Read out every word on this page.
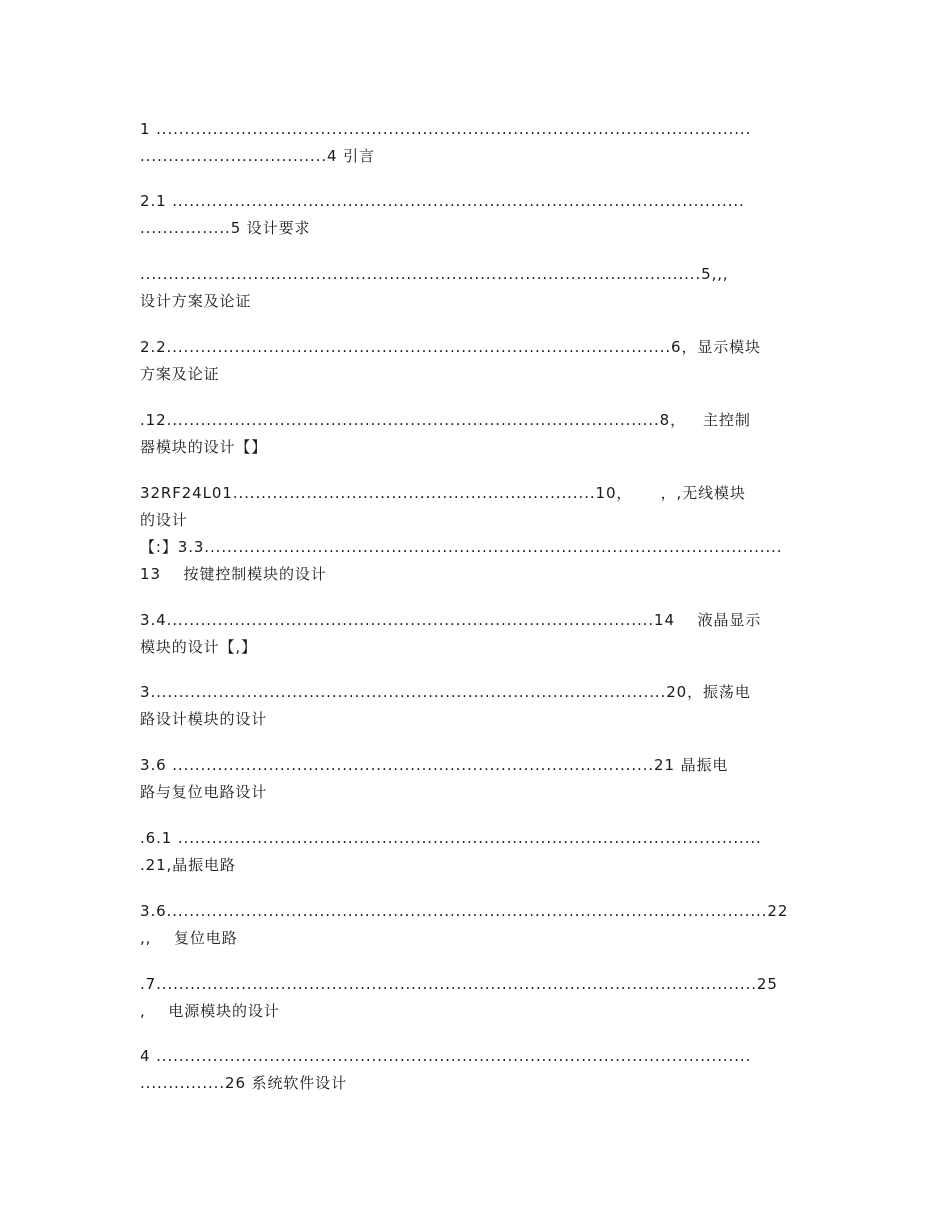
1 .........................................................................................................
.................................4 引言
2.1 .....................................................................................................
................5 设计要求
...................................................................................................5,,,
设计方案及论证
2.2.........................................................................................6，显示模块
方案及论证
.12.......................................................................................8，   主控制
器模块的设计【】
32RF24L01................................................................10，     ，,无线模块
的设计
【:】3.3......................................................................................................
13    按键控制模块的设计
3.4......................................................................................14    液晶显示
模块的设计【,】
3...........................................................................................20，振荡电
路设计模块的设计
3.6 .....................................................................................21 晶振电
路与复位电路设计
.6.1 .......................................................................................................
.21,晶振电路
3.6..........................................................................................................22
,,    复位电路
.7..........................................................................................................25
,    电源模块的设计
4 .........................................................................................................
...............26 系统软件设计
